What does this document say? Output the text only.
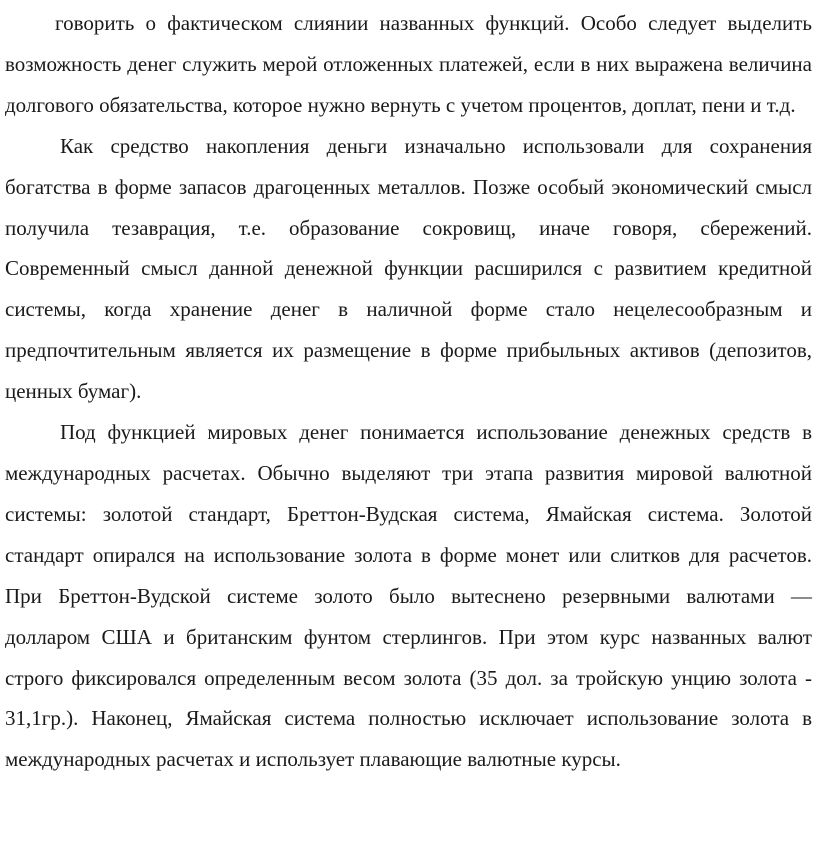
говорить о фактическом слиянии названных функций. Особо следует выделить возможность денег служить мерой отложенных платежей, если в них выражена величина долгового обязательства, которое нужно вернуть с учетом процентов, доплат, пени и т.д.

Как средство накопления деньги изначально использовали для сохранения богатства в форме запасов драгоценных металлов. Позже особый экономический смысл получила тезаврация, т.е. образование сокровищ, иначе говоря, сбережений. Современный смысл данной денежной функции расширился с развитием кредитной системы, когда хранение денег в наличной форме стало нецелесообразным и предпочтительным является их размещение в форме прибыльных активов (депозитов, ценных бумаг).

Под функцией мировых денег понимается использование денежных средств в международных расчетах. Обычно выделяют три этапа развития мировой валютной системы: золотой стандарт, Бреттон-Вудская система, Ямайская система. Золотой стандарт опирался на использование золота в форме монет или слитков для расчетов. При Бреттон-Вудской системе золото было вытеснено резервными валютами — долларом США и британским фунтом стерлингов. При этом курс названных валют строго фиксировался определенным весом золота (35 дол. за тройскую унцию золота - 31,1гр.). Наконец, Ямайская система полностью исключает использование золота в международных расчетах и использует плавающие валютные курсы.
